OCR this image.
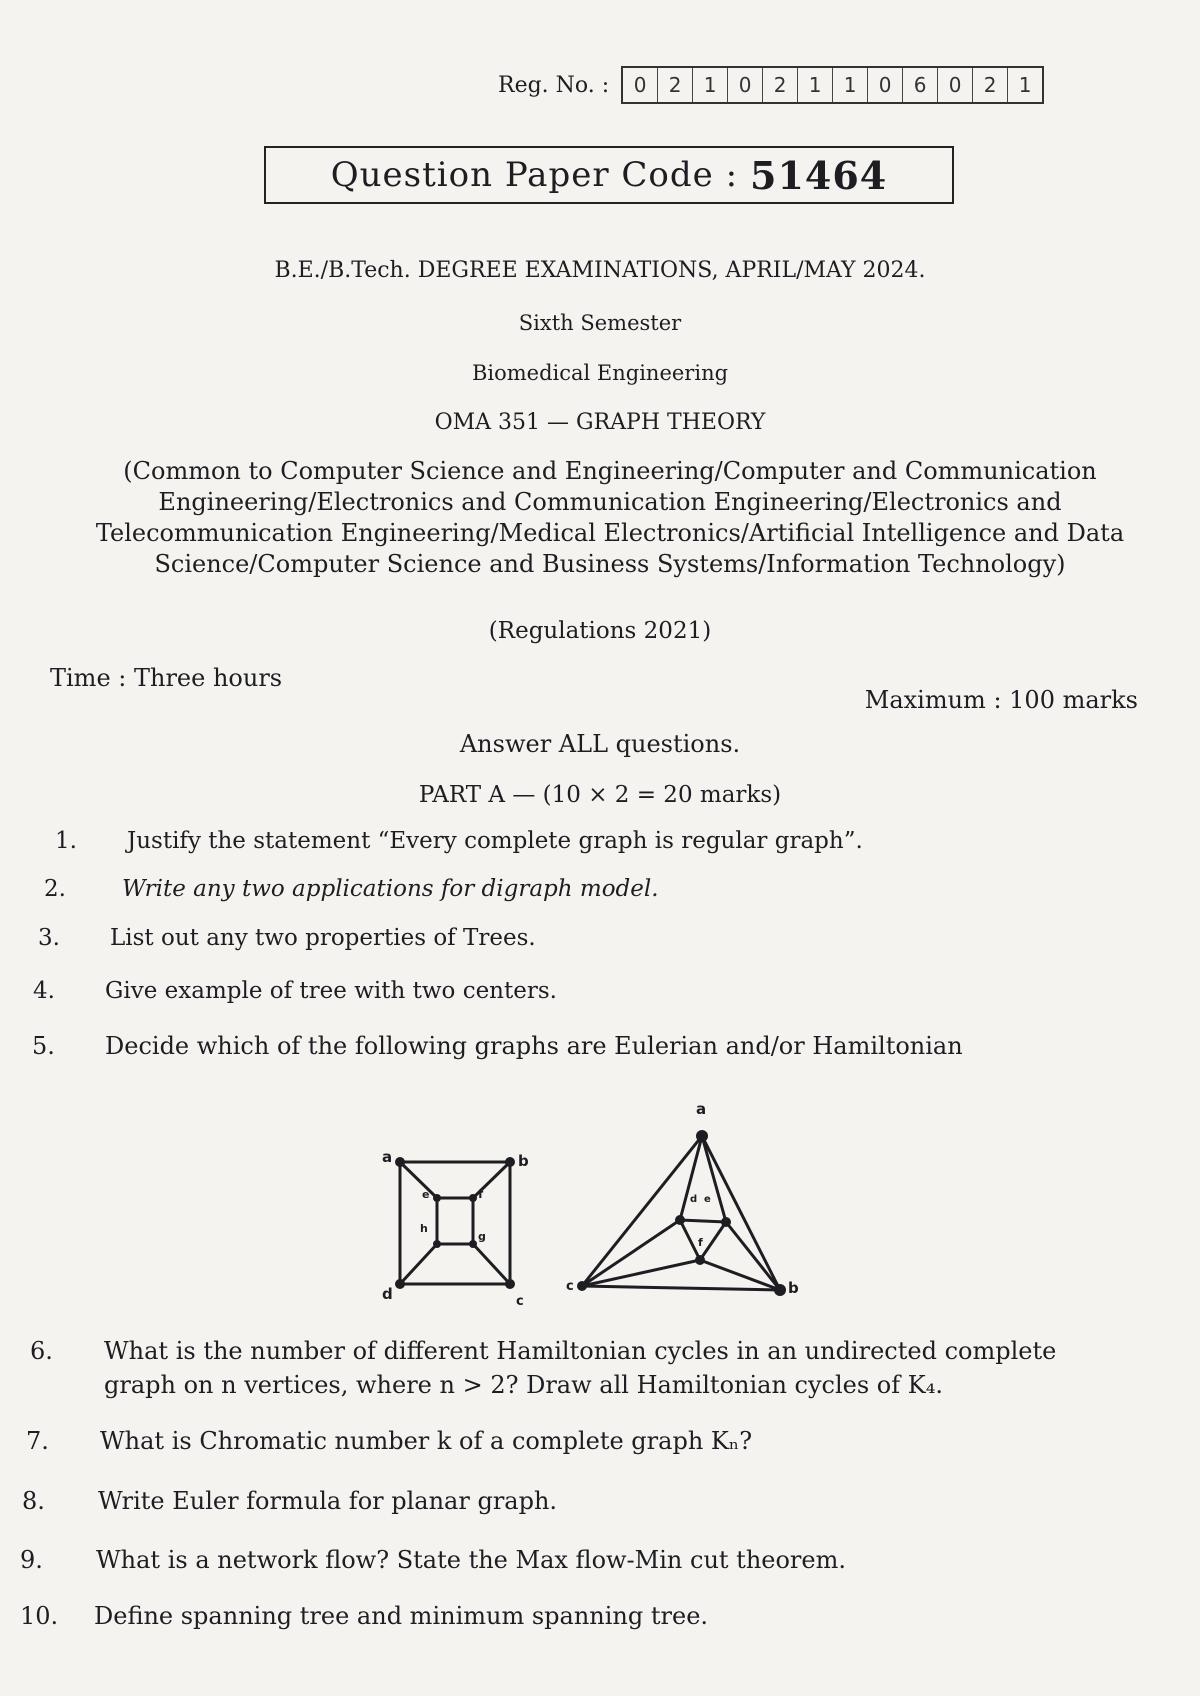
Reg. No. :	0	2	1	0	2	1	1	0	6	0	2	1
Question Paper Code : 51464
B.E./B.Tech. DEGREE EXAMINATIONS, APRIL/MAY 2024.
Sixth Semester
Biomedical Engineering
OMA 351 — GRAPH THEORY
(Common to Computer Science and Engineering/Computer and Communication
Engineering/Electronics and Communication Engineering/Electronics and
Telecommunication Engineering/Medical Electronics/Artificial Intelligence and Data
Science/Computer Science and Business Systems/Information Technology)
(Regulations 2021)
Time : Three hours
Maximum : 100 marks
Answer ALL questions.
PART A — (10 × 2 = 20 marks)
1. Justify the statement “Every complete graph is regular graph”.
2. Write any two applications for digraph model.
3. List out any two properties of Trees.
4. Give example of tree with two centers.
5. Decide which of the following graphs are Eulerian and/or Hamiltonian
a	b
c
d
e	f
g
h
a
b
c
d e
f
6. What is the number of different Hamiltonian cycles in an undirected complete
graph on n vertices, where n > 2? Draw all Hamiltonian cycles of K₄.
7. What is Chromatic number k of a complete graph Kₙ?
8. Write Euler formula for planar graph.
9. What is a network flow? State the Max flow-Min cut theorem.
10. Define spanning tree and minimum spanning tree.
